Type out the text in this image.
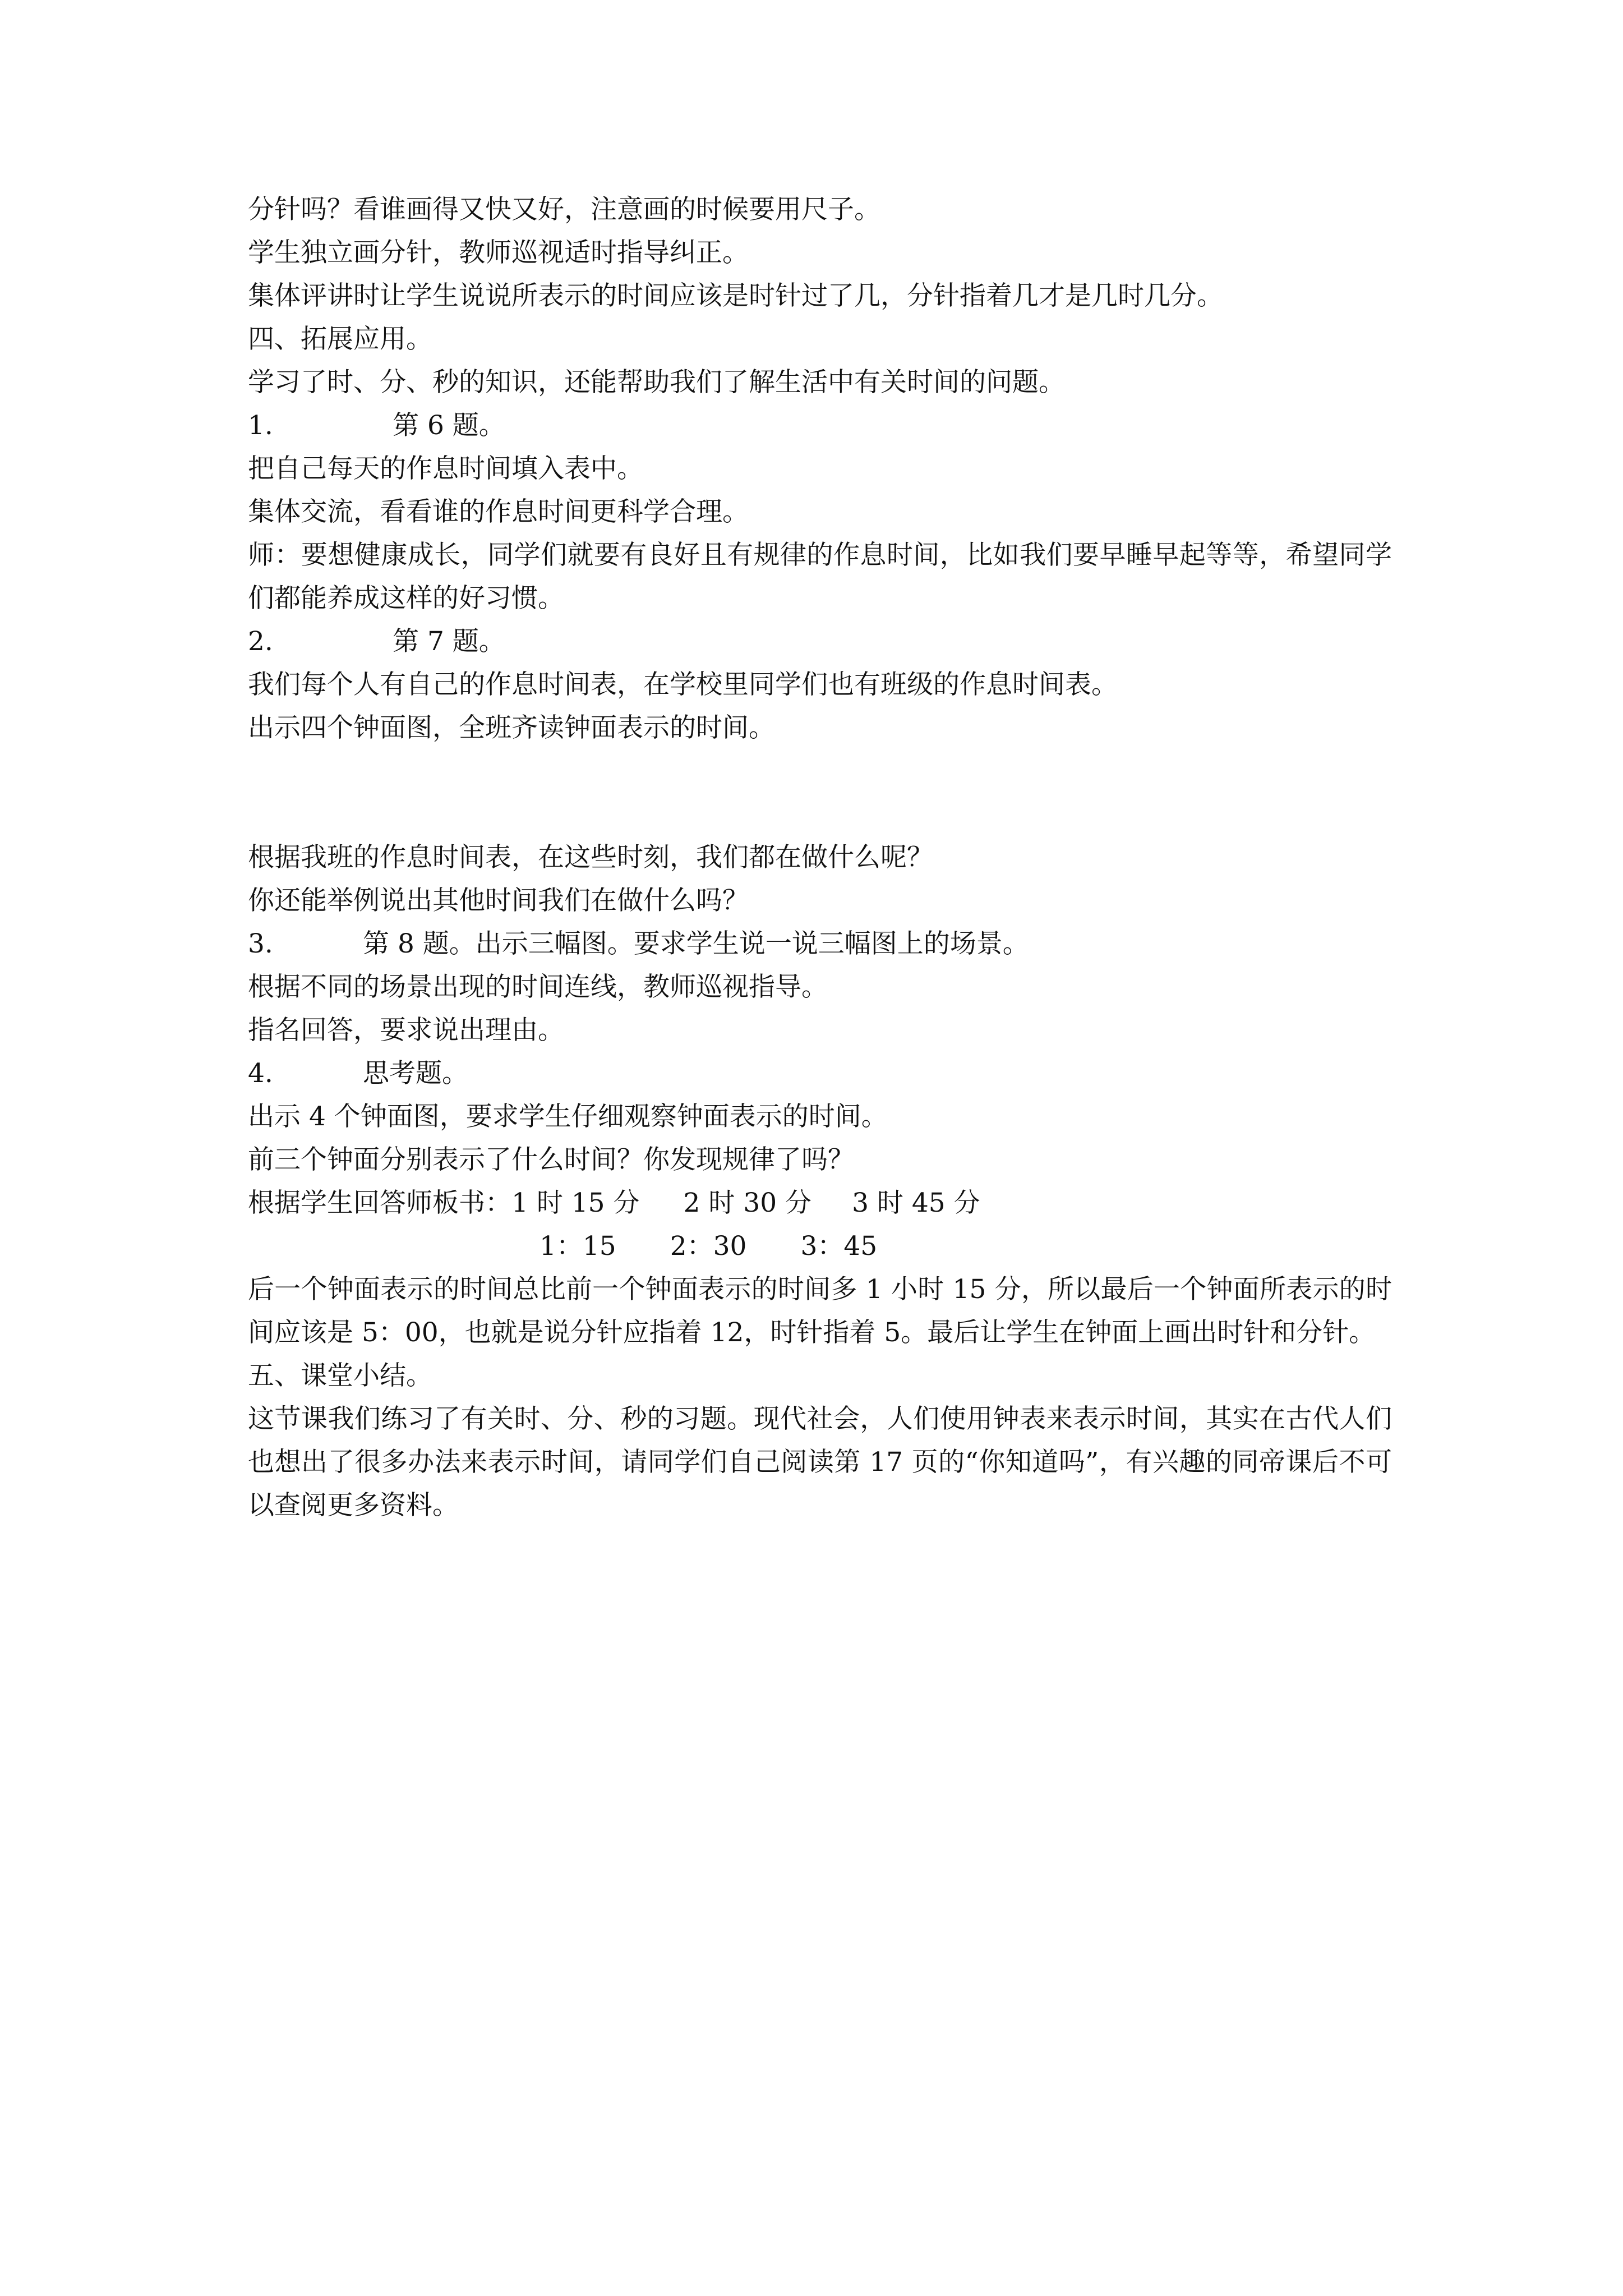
分针吗？看谁画得又快又好，注意画的时候要用尺子。
学生独立画分针，教师巡视适时指导纠正。
集体评讲时让学生说说所表示的时间应该是时针过了几，分针指着几才是几时几分。
四、拓展应用。
学习了时、分、秒的知识，还能帮助我们了解生活中有关时间的问题。
1.	第 6 题。
把自己每天的作息时间填入表中。
集体交流，看看谁的作息时间更科学合理。
师：要想健康成长，同学们就要有良好且有规律的作息时间，比如我们要早睡早起等等，希望同学们都能养成这样的好习惯。
2.	第 7 题。
我们每个人有自己的作息时间表，在学校里同学们也有班级的作息时间表。
出示四个钟面图，全班齐读钟面表示的时间。
根据我班的作息时间表，在这些时刻，我们都在做什么呢？
你还能举例说出其他时间我们在做什么吗？
3.	第 8 题。出示三幅图。要求学生说一说三幅图上的场景。
根据不同的场景出现的时间连线，教师巡视指导。
指名回答，要求说出理由。
4.	思考题。
出示 4 个钟面图，要求学生仔细观察钟面表示的时间。
前三个钟面分别表示了什么时间？你发现规律了吗？
根据学生回答师板书：1 时 15 分 2 时 30 分 3 时 45 分
1：15 2：30 3：45
后一个钟面表示的时间总比前一个钟面表示的时间多 1 小时 15 分，所以最后一个钟面所表示的时间应该是 5：00，也就是说分针应指着 12，时针指着 5。最后让学生在钟面上画出时针和分针。
五、课堂小结。
这节课我们练习了有关时、分、秒的习题。现代社会，人们使用钟表来表示时间，其实在古代人们也想出了很多办法来表示时间，请同学们自己阅读第 17 页的“你知道吗”，有兴趣的同帝课后不可以查阅更多资料。
